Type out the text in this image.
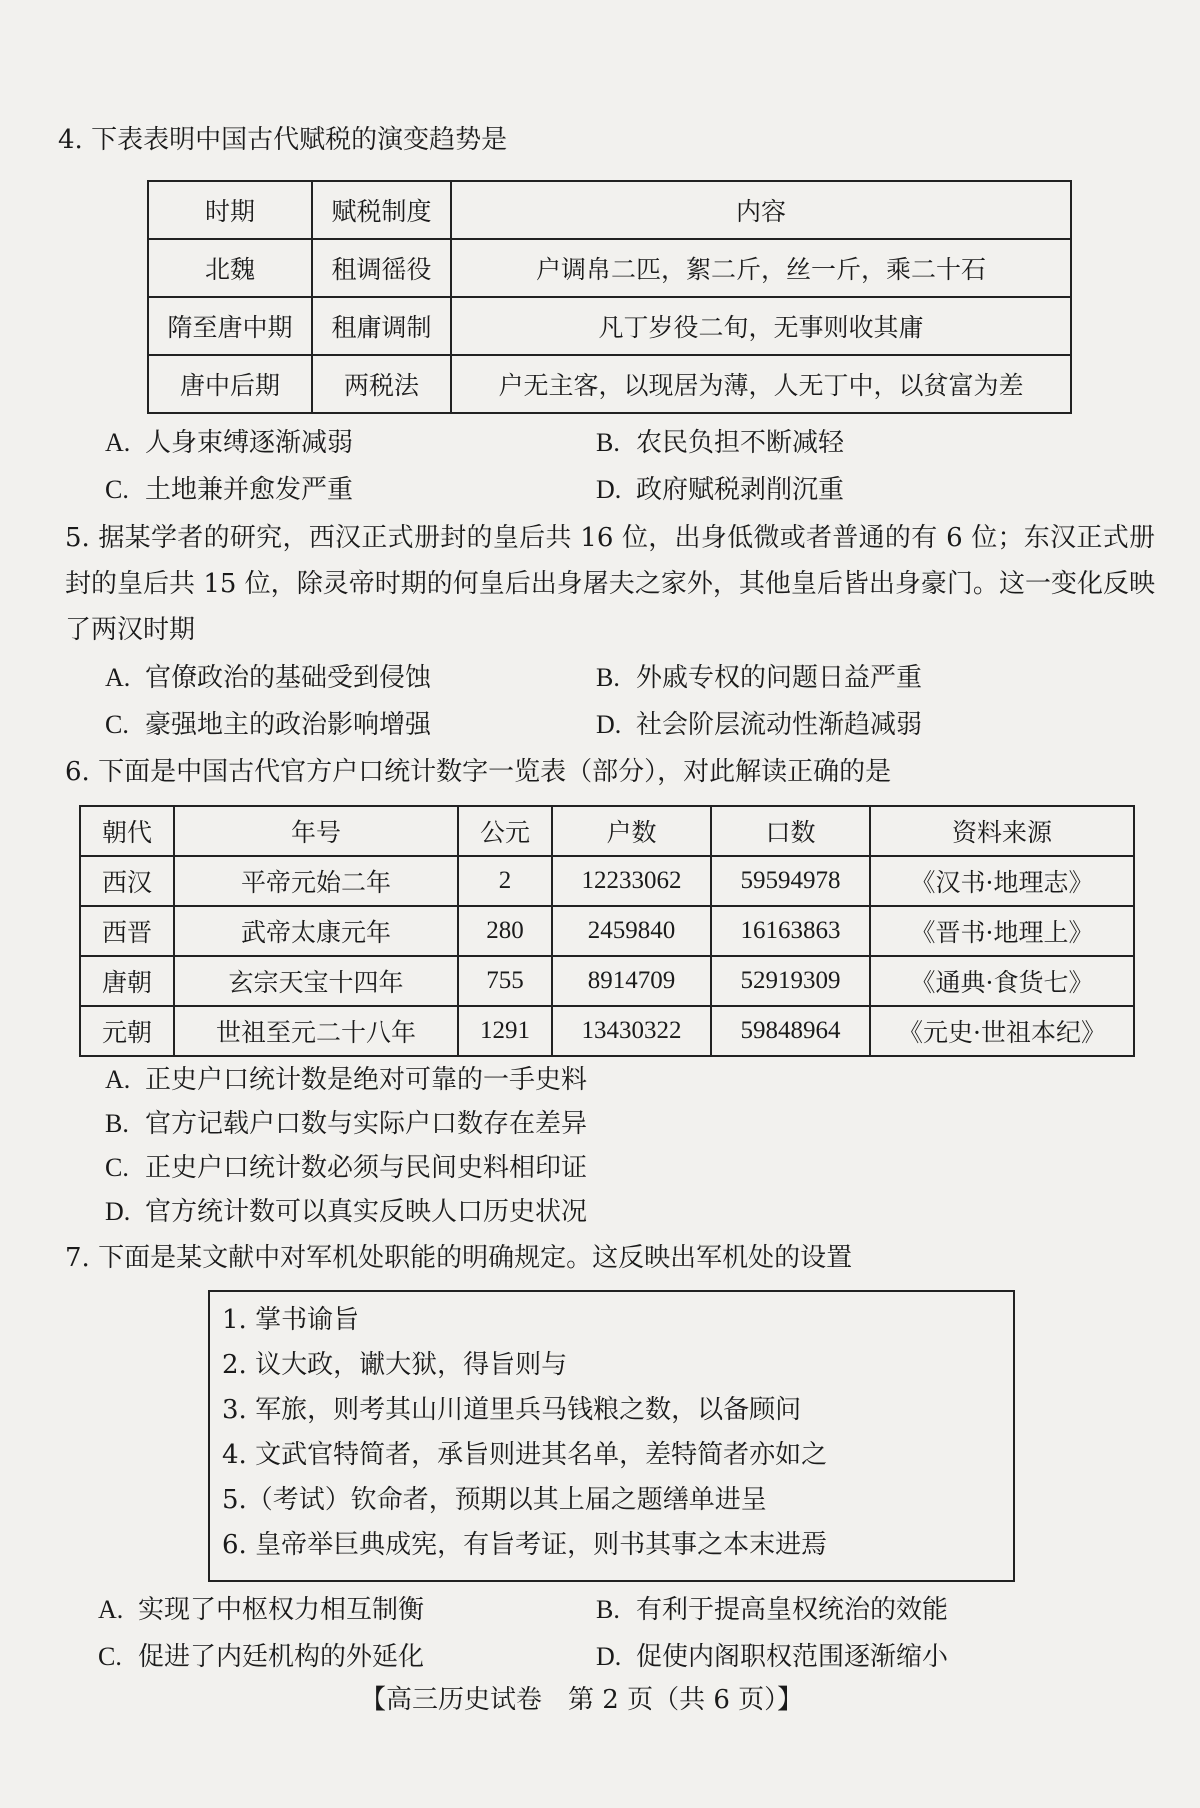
4. 下表表明中国古代赋税的演变趋势是
时期	赋税制度	内容
北魏	租调徭役	户调帛二匹，絮二斤，丝一斤，乘二十石
隋至唐中期	租庸调制	凡丁岁役二旬，无事则收其庸
唐中后期	两税法	户无主客，以现居为薄，人无丁中，以贫富为差
A. 人身束缚逐渐减弱	B. 农民负担不断减轻
C. 土地兼并愈发严重	D. 政府赋税剥削沉重
5. 据某学者的研究，西汉正式册封的皇后共 16 位，出身低微或者普通的有 6 位；东汉正式册封的皇后共 15 位，除灵帝时期的何皇后出身屠夫之家外，其他皇后皆出身豪门。这一变化反映了两汉时期
A. 官僚政治的基础受到侵蚀	B. 外戚专权的问题日益严重
C. 豪强地主的政治影响增强	D. 社会阶层流动性渐趋减弱
6. 下面是中国古代官方户口统计数字一览表（部分），对此解读正确的是
朝代	年号	公元	户数	口数	资料来源
西汉	平帝元始二年	2	12233062	59594978	《汉书·地理志》
西晋	武帝太康元年	280	2459840	16163863	《晋书·地理上》
唐朝	玄宗天宝十四年	755	8914709	52919309	《通典·食货七》
元朝	世祖至元二十八年	1291	13430322	59848964	《元史·世祖本纪》
A. 正史户口统计数是绝对可靠的一手史料
B. 官方记载户口数与实际户口数存在差异
C. 正史户口统计数必须与民间史料相印证
D. 官方统计数可以真实反映人口历史状况
7. 下面是某文献中对军机处职能的明确规定。这反映出军机处的设置
1. 掌书谕旨
2. 议大政，谳大狱，得旨则与
3. 军旅，则考其山川道里兵马钱粮之数，以备顾问
4. 文武官特简者，承旨则进其名单，差特简者亦如之
5.（考试）钦命者，预期以其上届之题缮单进呈
6. 皇帝举巨典成宪，有旨考证，则书其事之本末进焉
A. 实现了中枢权力相互制衡	B. 有利于提高皇权统治的效能
C. 促进了内廷机构的外延化	D. 促使内阁职权范围逐渐缩小
【高三历史试卷　第 2 页（共 6 页）】
